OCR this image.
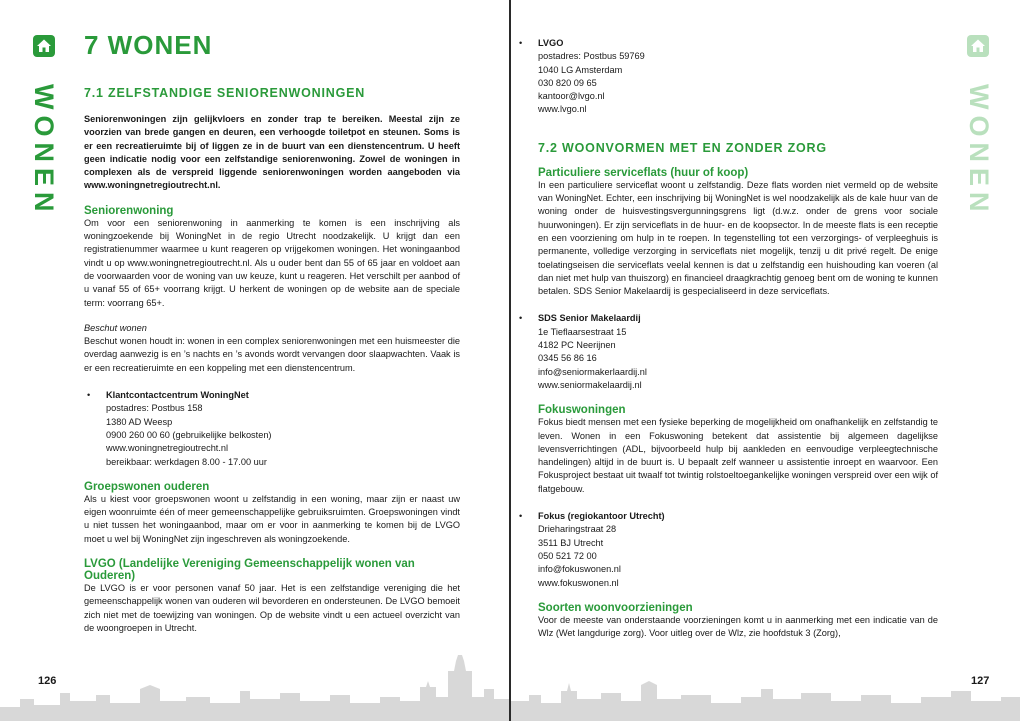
WONEN
7 WONEN
7.1 ZELFSTANDIGE SENIORENWONINGEN

Seniorenwoningen zijn gelijkvloers en zonder trap te bereiken. Meestal zijn ze voorzien van brede gangen en deuren, een verhoogde toiletpot en steunen. Soms is er een recreatieruimte bij of liggen ze in de buurt van een dienstencentrum. U heeft geen indicatie nodig voor een zelfstandige seniorenwoning. Zowel de woningen in complexen als de verspreid liggende seniorenwoningen worden aangeboden via www.woningnetregioutrecht.nl.

Seniorenwoning

Om voor een seniorenwoning in aanmerking te komen is een inschrijving als woningzoekende bij WoningNet in de regio Utrecht noodzakelijk. U krijgt dan een registratienummer waarmee u kunt reageren op vrijgekomen woningen. Het woningaanbod vindt u op www.woningnetregioutrecht.nl. Als u ouder bent dan 55 of 65 jaar en voldoet aan de voorwaarden voor de woning van uw keuze, kunt u reageren. Het verschilt per aanbod of u vanaf 55 of 65+ voorrang krijgt. U herkent de woningen op de website aan de speciale term: voorrang 65+.

Beschut wonen

Beschut wonen houdt in: wonen in een complex seniorenwoningen met een huismeester die overdag aanwezig is en ’s nachts en ’s avonds wordt vervangen door slaapwachten. Vaak is er een recreatieruimte en een koppeling met een dienstencentrum.

• Klantcontactcentrum WoningNet
postadres: Postbus 158
1380 AD Weesp
0900 260 00 60 (gebruikelijke belkosten)
www.woningnetregioutrecht.nl
bereikbaar: werkdagen 8.00 - 17.00 uur
Groepswonen ouderen

Als u kiest voor groepswonen woont u zelfstandig in een woning, maar zijn er naast uw eigen woonruimte één of meer gemeenschappelijke gebruiksruimten. Groepswoningen vindt u niet tussen het woningaanbod, maar om er voor in aanmerking te komen bij de LVGO moet u wel bij WoningNet zijn ingeschreven als woningzoekende.

LVGO (Landelijke Vereniging Gemeenschappelijk wonen van Ouderen)

De LVGO is er voor personen vanaf 50 jaar. Het is een zelfstandige vereniging die het gemeenschappelijk wonen van ouderen wil bevorderen en ondersteunen. De LVGO bemoeit zich niet met de toewijzing van woningen. Op de website vindt u een actueel overzicht van de woongroepen in Utrecht.

126
WONEN
• LVGO
postadres: Postbus 59769
1040 LG Amsterdam
030 820 09 65
kantoor@lvgo.nl
www.lvgo.nl
7.2 WOONVORMEN MET EN ZONDER ZORG
Particuliere serviceflats (huur of koop)

In een particuliere serviceflat woont u zelfstandig. Deze flats worden niet vermeld op de website van WoningNet. Echter, een inschrijving bij WoningNet is wel noodzakelijk als de kale huur van de woning onder de huisvestingsvergunningsgrens ligt (d.w.z. onder de grens voor sociale huurwoningen). Er zijn serviceflats in de huur- en de koopsector. In de meeste flats is een receptie en een voorziening om hulp in te roepen. In tegenstelling tot een verzorgings- of verpleeghuis is permanente, volledige verzorging in serviceflats niet mogelijk, tenzij u dit privé regelt. De enige toelatingseisen die serviceflats veelal kennen is dat u zelfstandig een huishouding kan voeren (al dan niet met hulp van thuiszorg) en financieel draagkrachtig genoeg bent om de woning te kunnen betalen. SDS Senior Makelaardij is gespecialiseerd in deze serviceflats.

• SDS Senior Makelaardij
1e Tieflaarsestraat 15
4182 PC Neerijnen
0345 56 86 16
info@seniormakerlaardij.nl
www.seniormakelaardij.nl
Fokuswoningen

Fokus biedt mensen met een fysieke beperking de mogelijkheid om onafhankelijk en zelfstandig te leven. Wonen in een Fokuswoning betekent dat assistentie bij algemeen dagelijkse levensverrichtingen (ADL, bijvoorbeeld hulp bij aankleden en eenvoudige verpleegtechnische handelingen) altijd in de buurt is. U bepaalt zelf wanneer u assistentie inroept en waarvoor. Een Fokusproject bestaat uit twaalf tot twintig rolstoeltoegankelijke woningen verspreid over een wijk of flatgebouw.

• Fokus (regiokantoor Utrecht)
Drieharingstraat 28
3511 BJ Utrecht
050 521 72 00
info@fokuswonen.nl
www.fokuswonen.nl
Soorten woonvoorzieningen

Voor de meeste van onderstaande voorzieningen komt u in aanmerking met een indicatie van de Wlz (Wet langdurige zorg). Voor uitleg over de Wlz, zie hoofdstuk 3 (Zorg),

127
